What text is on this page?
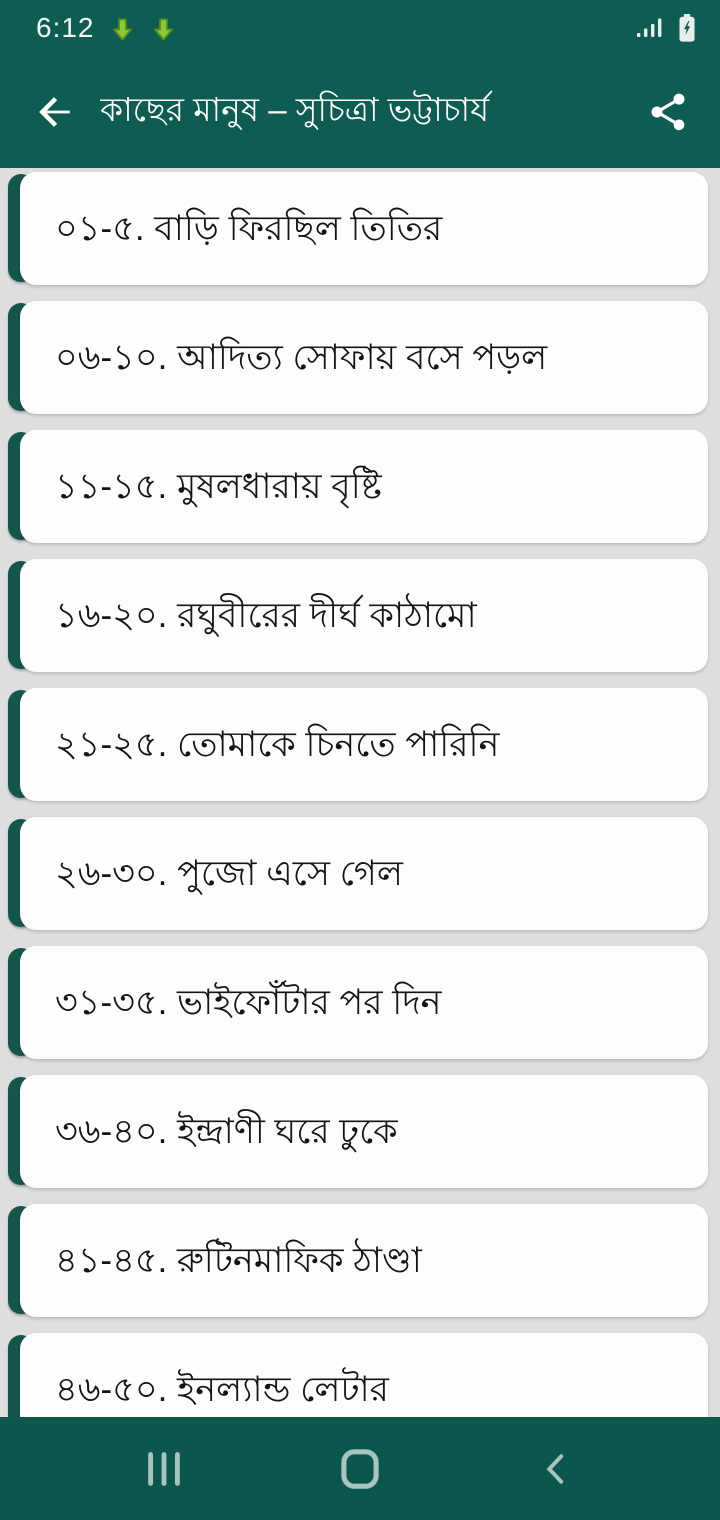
6:12
কাছের মানুষ – সুচিত্রা ভট্টাচার্য
০১-৫. বাড়ি ফিরছিল তিতির
০৬-১০. আদিত্য সোফায় বসে পড়ল
১১-১৫. মুষলধারায় বৃষ্টি
১৬-২০. রঘুবীরের দীর্ঘ কাঠামো
২১-২৫. তোমাকে চিনতে পারিনি
২৬-৩০. পুজো এসে গেল
৩১-৩৫. ভাইফোঁটার পর দিন
৩৬-৪০. ইন্দ্রাণী ঘরে ঢুকে
৪১-৪৫. রুটিনমাফিক ঠাণ্ডা
৪৬-৫০. ইনল্যান্ড লেটার
